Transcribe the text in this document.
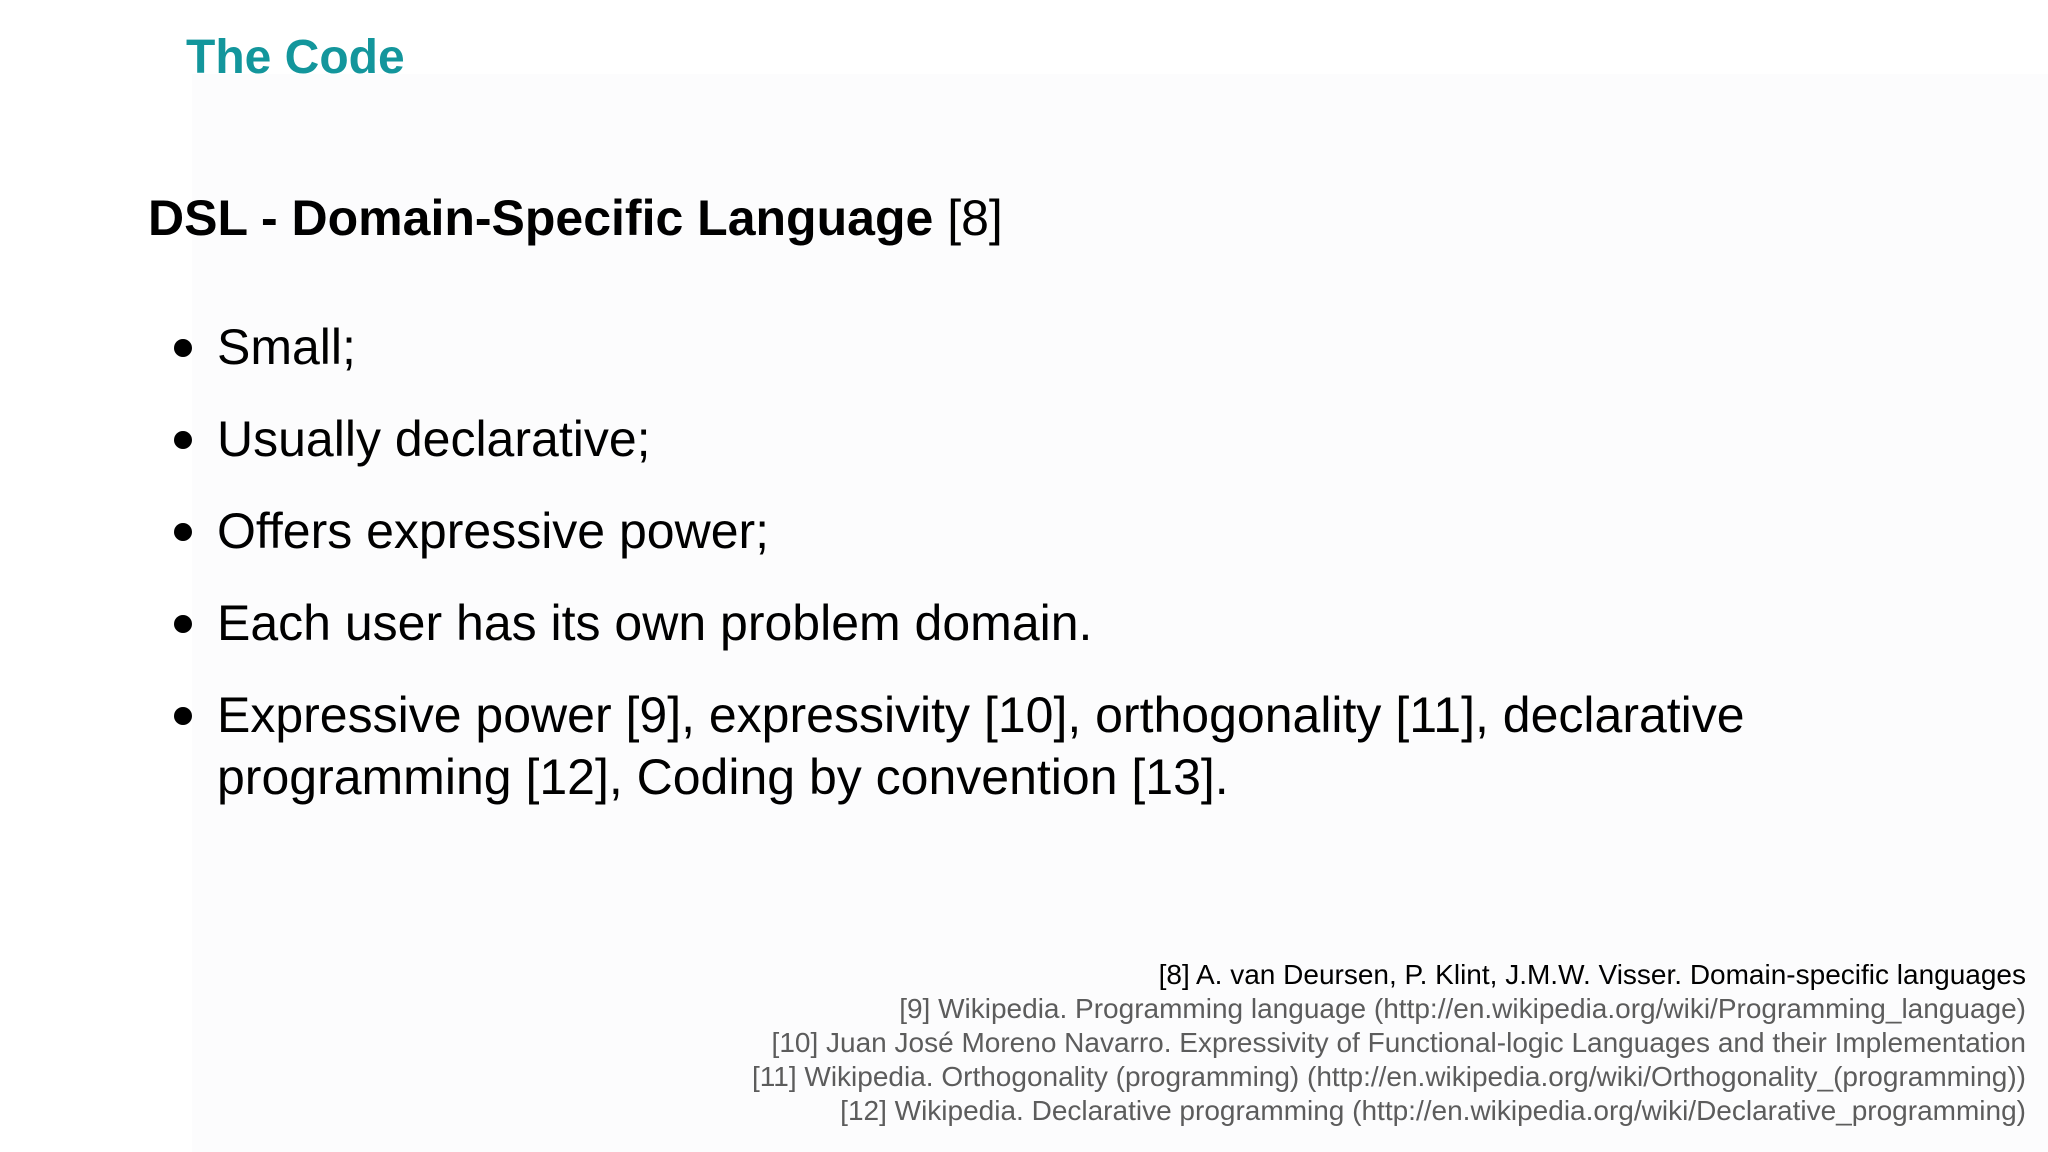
The Code
DSL - Domain-Specific Language [8]
Small;
Usually declarative;
Offers expressive power;
Each user has its own problem domain.
Expressive power [9], expressivity [10], orthogonality [11], declarative programming [12], Coding by convention [13].
[8] A. van Deursen, P. Klint, J.M.W. Visser. Domain-specific languages
[9] Wikipedia. Programming language (http://en.wikipedia.org/wiki/Programming_language)
[10] Juan José Moreno Navarro. Expressivity of Functional-logic Languages and their Implementation
[11] Wikipedia. Orthogonality (programming) (http://en.wikipedia.org/wiki/Orthogonality_(programming))
[12] Wikipedia. Declarative programming (http://en.wikipedia.org/wiki/Declarative_programming)
